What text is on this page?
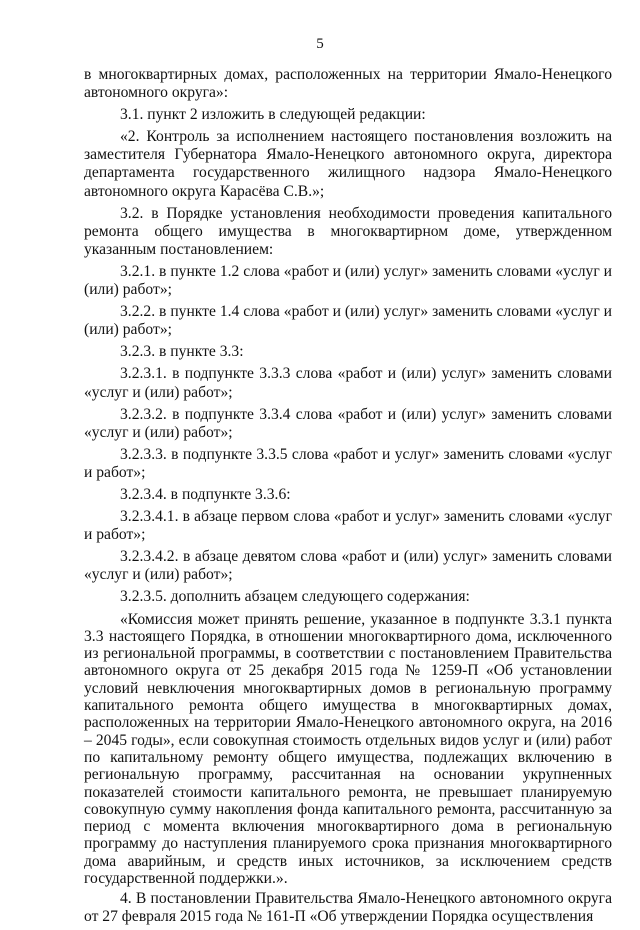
5

в многоквартирных домах, расположенных на территории Ямало-Ненецкого автономного округа»:

3.1. пункт 2 изложить в следующей редакции:

«2. Контроль за исполнением настоящего постановления возложить на заместителя Губернатора Ямало-Ненецкого автономного округа, директора департамента государственного жилищного надзора Ямало-Ненецкого автономного округа Карасёва С.В.»;

3.2. в Порядке установления необходимости проведения капитального ремонта общего имущества в многоквартирном доме, утвержденном указанным постановлением:

3.2.1. в пункте 1.2 слова «работ и (или) услуг» заменить словами «услуг и (или) работ»;

3.2.2. в пункте 1.4 слова «работ и (или) услуг» заменить словами «услуг и (или) работ»;

3.2.3. в пункте 3.3:

3.2.3.1. в подпункте 3.3.3 слова «работ и (или) услуг» заменить словами «услуг и (или) работ»;

3.2.3.2. в подпункте 3.3.4 слова «работ и (или) услуг» заменить словами «услуг и (или) работ»;

3.2.3.3. в подпункте 3.3.5 слова «работ и услуг» заменить словами «услуг и работ»;

3.2.3.4. в подпункте 3.3.6:

3.2.3.4.1. в абзаце первом слова «работ и услуг» заменить словами «услуг и работ»;

3.2.3.4.2. в абзаце девятом слова «работ и (или) услуг» заменить словами «услуг и (или) работ»;

3.2.3.5. дополнить абзацем следующего содержания:

«Комиссия может принять решение, указанное в подпункте 3.3.1 пункта 3.3 настоящего Порядка, в отношении многоквартирного дома, исключенного из региональной программы, в соответствии с постановлением Правительства автономного округа от 25 декабря 2015 года № 1259-П «Об установлении условий невключения многоквартирных домов в региональную программу капитального ремонта общего имущества в многоквартирных домах, расположенных на территории Ямало-Ненецкого автономного округа, на 2016 – 2045 годы», если совокупная стоимость отдельных видов услуг и (или) работ по капитальному ремонту общего имущества, подлежащих включению в региональную программу, рассчитанная на основании укрупненных показателей стоимости капитального ремонта, не превышает планируемую совокупную сумму накопления фонда капитального ремонта, рассчитанную за период с момента включения многоквартирного дома в региональную программу до наступления планируемого срока признания многоквартирного дома аварийным, и средств иных источников, за исключением средств государственной поддержки.».

4. В постановлении Правительства Ямало-Ненецкого автономного округа от 27 февраля 2015 года № 161-П «Об утверждении Порядка осуществления
